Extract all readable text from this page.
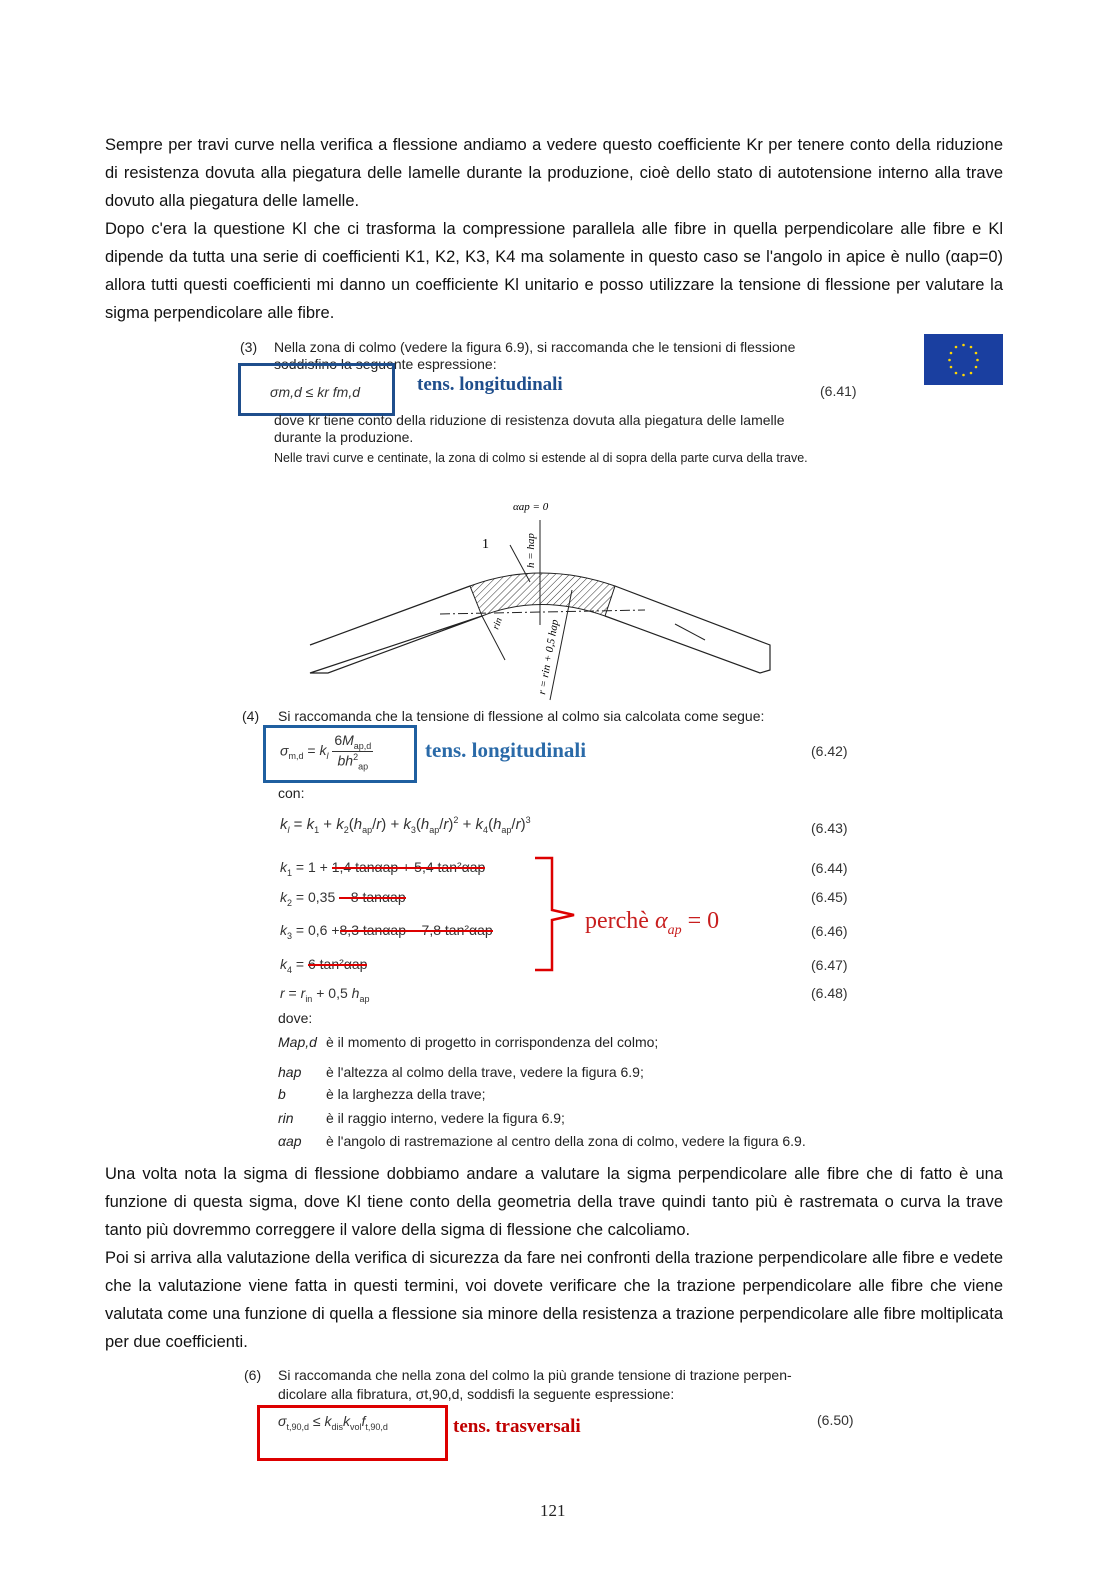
Sempre per travi curve nella verifica a flessione andiamo a vedere questo coefficiente Kr per tenere conto della riduzione di resistenza dovuta alla piegatura delle lamelle durante la produzione, cioè dello stato di autotensione interno alla trave dovuto alla piegatura delle lamelle.

Dopo c'era la questione Kl che ci trasforma la compressione parallela alle fibre in quella perpendicolare alle fibre e Kl dipende da tutta una serie di coefficienti K1, K2, K3, K4 ma solamente in questo caso se l'angolo in apice è nullo (αap=0) allora tutti questi coefficienti mi danno un coefficiente Kl unitario e posso utilizzare la tensione di flessione per valutare la sigma perpendicolare alle fibre.

(3) Nella zona di colmo (vedere la figura 6.9), si raccomanda che le tensioni di flessione
soddisfino la seguente espressione:
σm,d ≤ kr fm,d	tens. longitudinali	(6.41)
dove kr tiene conto della riduzione di resistenza dovuta alla piegatura delle lamelle
durante la produzione.
Nelle travi curve e centinate, la zona di colmo si estende al di sopra della parte curva della trave.
αap = 0
h = hap
1
rin	r = rin + 0,5 hap
(4) Si raccomanda che la tensione di flessione al colmo sia calcolata come segue:
$\sigma_{m,d} = k_l \frac{6M_{ap,d}}{bh^2_{ap}}$ tens. longitudinali	(6.42)
con:
$k_l = k_1 + k_2(h_{ap}/r) + k_3(h_{ap}/r)^2 + k_4(h_{ap}/r)^3$	(6.43)
$k_1 = 1 + 1,4$ tanαap + 5,4 tan²αap	(6.44)
$k_2 = 0,35 - 8$ tanαap	(6.45)
$k_3 = 0,6 +8,3$ tanαap – 7,8 tan²αap	(6.46)
$k_4 = 6$ tan²αap	(6.47)
$r = r_{in} + 0,5$ $h_{ap}$	(6.48)
perchè $\alpha_{ap} = 0$
dove:
Map,d è il momento di progetto in corrispondenza del colmo;
hap è l'altezza al colmo della trave, vedere la figura 6.9;
b	è la larghezza della trave;
rin è il raggio interno, vedere la figura 6.9;
αap è l'angolo di rastremazione al centro della zona di colmo, vedere la figura 6.9.

Una volta nota la sigma di flessione dobbiamo andare a valutare la sigma perpendicolare alle fibre che di fatto è una funzione di questa sigma, dove Kl tiene conto della geometria della trave quindi tanto più è rastremata o curva la trave tanto più dovremmo correggere il valore della sigma di flessione che calcoliamo.

Poi si arriva alla valutazione della verifica di sicurezza da fare nei confronti della trazione perpendicolare alle fibre e vedete che la valutazione viene fatta in questi termini, voi dovete verificare che la trazione perpendicolare alle fibre che viene valutata come una funzione di quella a flessione sia minore della resistenza a trazione perpendicolare alle fibre moltiplicata per due coefficienti.

(6) Si raccomanda che nella zona del colmo la più grande tensione di trazione perpen-
dicolare alla fibratura, σt,90,d, soddisfi la seguente espressione:
$\sigma_{t,90,d} \le k_{dis}k_{vol}f_{t,90,d}$	tens. trasversali	(6.50)
121
